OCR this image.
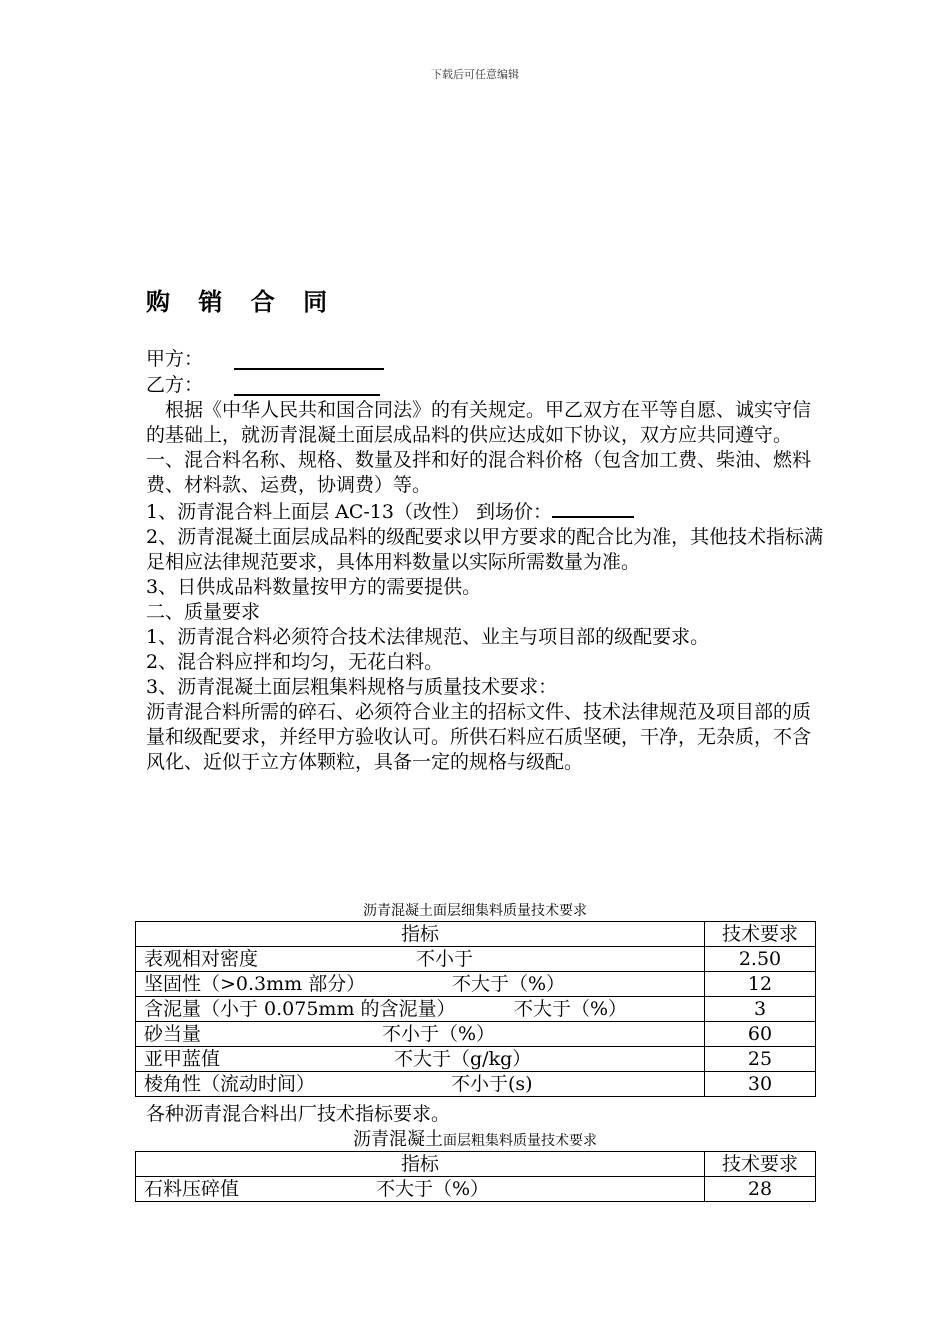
下载后可任意编辑
购 销 合 同
甲方：
乙方：

　根据《中华人民共和国合同法》的有关规定。甲乙双方在平等自愿、诚实守信的基础上，就沥青混凝土面层成品料的供应达成如下协议，双方应共同遵守。

一、混合料名称、规格、数量及拌和好的混合料价格（包含加工费、柴油、燃料费、材料款、运费，协调费）等。

1、沥青混合料上面层 AC-13（改性） 到场价：

2、沥青混凝土面层成品料的级配要求以甲方要求的配合比为准，其他技术指标满足相应法律规范要求，具体用料数量以实际所需数量为准。

3、日供成品料数量按甲方的需要提供。

二、质量要求

1、沥青混合料必须符合技术法律规范、业主与项目部的级配要求。

2、混合料应拌和均匀，无花白料。

3、沥青混凝土面层粗集料规格与质量技术要求：

沥青混合料所需的碎石、必须符合业主的招标文件、技术法律规范及项目部的质量和级配要求，并经甲方验收认可。所供石料应石质坚硬，干净，无杂质，不含风化、近似于立方体颗粒，具备一定的规格与级配。

沥青混凝土面层细集料质量技术要求
指标	技术要求
表观相对密度 不小于	2.50
坚固性（>0.3mm 部分） 不大于（%）	12
含泥量（小于 0.075mm 的含泥量） 不大于（%）	3
砂当量 不小于（%）	60
亚甲蓝值 不大于（g/kg）	25
棱角性（流动时间） 不小于(s)	30
各种沥青混合料出厂技术指标要求。
沥青混凝土面层粗集料质量技术要求
指标	技术要求
石料压碎值 不大于（%）	28
